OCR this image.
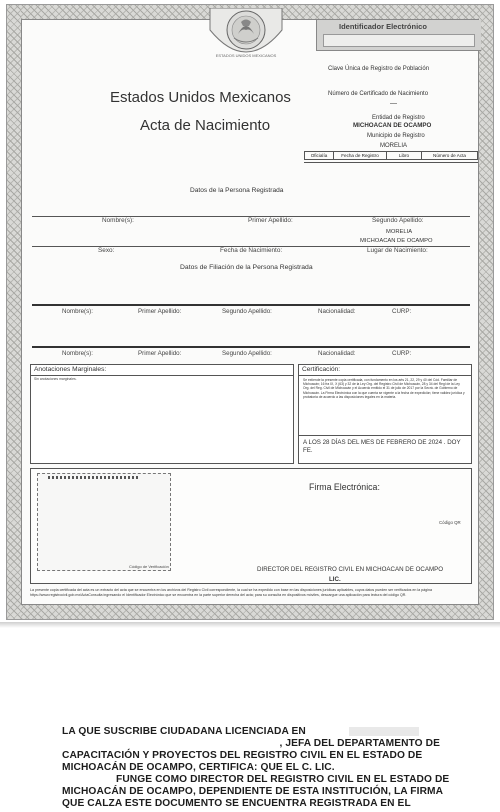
ESTADOS UNIDOS MEXICANOS
Identificador Electrónico
Clave Única de Registro de Población
Estados Unidos Mexicanos
Acta de Nacimiento
Número de Certificado de Nacimiento
—
Entidad de Registro
MICHOACAN DE OCAMPO
Municipio de Registro
MORELIA
Oficialía	Fecha de Registro	Libro	Número de Acta
Datos de la Persona Registrada
Nombre(s):	Primer Apellido:	Segundo Apellido:
MORELIA
MICHOACAN DE OCAMPO
Sexo:	Fecha de Nacimiento:	Lugar de Nacimiento:
Datos de Filiación de la Persona Registrada
Nombre(s):	Primer Apellido:	Segundo Apellido:	Nacionalidad:	CURP:
Nombre(s):	Primer Apellido:	Segundo Apellido:	Nacionalidad:	CURP:
Anotaciones Marginales:
Sin anotaciones marginales.
Certificación:
Se extiende la presente copia certificada, con fundamento en los arts 21, 22, 29 y 40 del Cód. Familiar de Michoacán; 16 fra IX, X (63) y 32 de la Ley Org. del Registro Civil de Michoacán, 28 y 34 del Regl de la Ley Org. del Reg. Civil de Michoacán y el Acuerdo emitido el 31 de julio de 2017 por la Secrá. de Gobierno de Michoacán. La Firma Electrónica con la que cuenta se vigente a la fecha de expedición; tiene validez jurídica y probatoria de acuerdo a las disposiciones legales en la materia.
A LOS 28 DÍAS DEL MES DE FEBRERO DE 2024 . DOY FE.
Código de Verificación
Firma Electrónica:
Código QR
DIRECTOR DEL REGISTRO CIVIL EN MICHOACAN DE OCAMPO
LIC.
La presente copia certificada del acta es un extracto del acta que se encuentra en los archivos del Registro Civil correspondiente, la cual se ha expedido con base en las disposiciones jurídicas aplicables, cuyos datos pueden ser verificados en la página https://www.registrocivil.gob.mx/ActaConsulta ingresando el Identificador Electrónico que se encuentra en la parte superior derecha del acta; para su consulta en dispositivos móviles, descargue una aplicación para lectura del código QR.
LA QUE SUSCRIBE CIUDADANA LICENCIADA EN
, JEFA DEL DEPARTAMENTO DE
CAPACITACIÓN Y PROYECTOS DEL REGISTRO CIVIL EN EL ESTADO DE
MICHOACÁN DE OCAMPO, CERTIFICA: QUE EL C. LIC.
FUNGE COMO DIRECTOR DEL REGISTRO CIVIL EN EL ESTADO DE
MICHOACÁN DE OCAMPO, DEPENDIENTE DE ESTA INSTITUCIÓN, LA FIRMA
QUE CALZA ESTE DOCUMENTO SE ENCUENTRA REGISTRADA EN EL
